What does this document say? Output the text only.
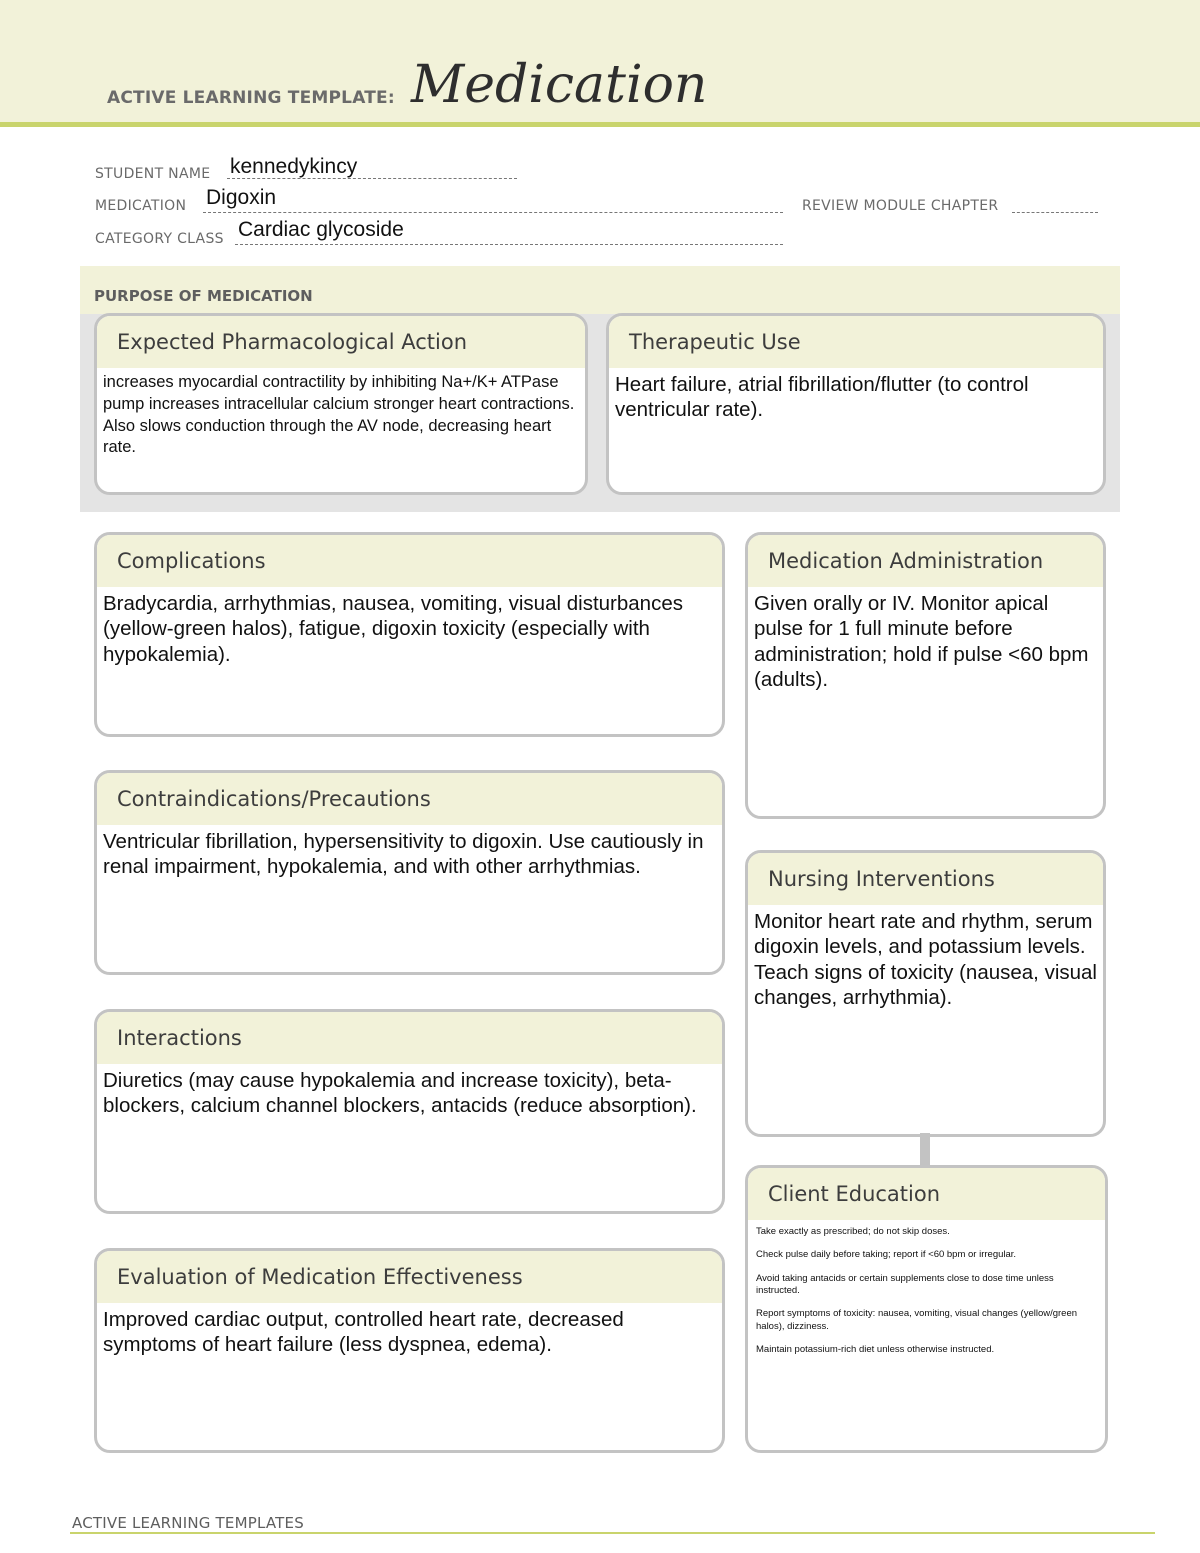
ACTIVE LEARNING TEMPLATE: Medication
STUDENT NAME kennedykincy
MEDICATION Digoxin	REVIEW MODULE CHAPTER
CATEGORY CLASS Cardiac glycoside
PURPOSE OF MEDICATION
Expected Pharmacological Action
increases myocardial contractility by inhibiting Na+/K+ ATPase pump increases intracellular calcium stronger heart contractions. Also slows conduction through the AV node, decreasing heart rate.
Therapeutic Use
Heart failure, atrial fibrillation/flutter (to control ventricular rate).
Complications
Bradycardia, arrhythmias, nausea, vomiting, visual disturbances (yellow-green halos), fatigue, digoxin toxicity (especially with hypokalemia).
Contraindications/Precautions
Ventricular fibrillation, hypersensitivity to digoxin. Use cautiously in renal impairment, hypokalemia, and with other arrhythmias.
Interactions
Diuretics (may cause hypokalemia and increase toxicity), beta-blockers, calcium channel blockers, antacids (reduce absorption).
Evaluation of Medication Effectiveness
Improved cardiac output, controlled heart rate, decreased symptoms of heart failure (less dyspnea, edema).
Medication Administration
Given orally or IV. Monitor apical pulse for 1 full minute before administration; hold if pulse <60 bpm (adults).
Nursing Interventions
Monitor heart rate and rhythm, serum digoxin levels, and potassium levels. Teach signs of toxicity (nausea, visual changes, arrhythmia).
Client Education

Take exactly as prescribed; do not skip doses.

Check pulse daily before taking; report if <60 bpm or irregular.

Avoid taking antacids or certain supplements close to dose time unless instructed.

Report symptoms of toxicity: nausea, vomiting, visual changes (yellow/green halos), dizziness.

Maintain potassium-rich diet unless otherwise instructed.

ACTIVE LEARNING TEMPLATES
